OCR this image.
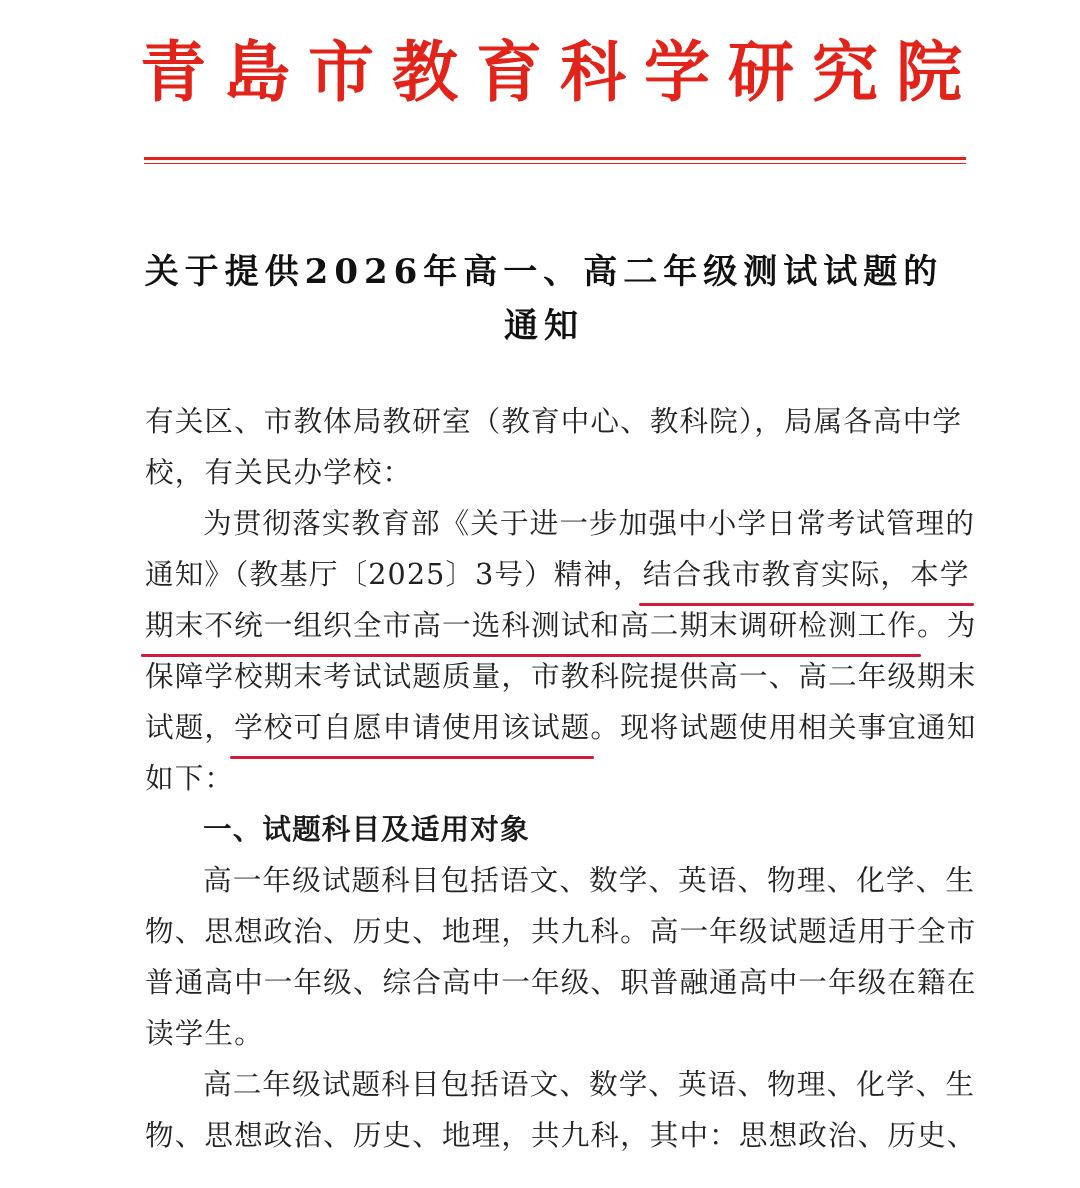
青島市教育科学研究院
关于提供2026年高一、高二年级测试试题的
通知
有关区、市教体局教研室（教育中心、教科院），局属各高中学
校，有关民办学校：
为贯彻落实教育部《关于进一步加强中小学日常考试管理的
通知》（教基厅〔2025〕3号）精神，结合我市教育实际，本学
期末不统一组织全市高一选科测试和高二期末调研检测工作。为
保障学校期末考试试题质量，市教科院提供高一、高二年级期末
试题，学校可自愿申请使用该试题。现将试题使用相关事宜通知
如下：
一、试题科目及适用对象
高一年级试题科目包括语文、数学、英语、物理、化学、生
物、思想政治、历史、地理，共九科。高一年级试题适用于全市
普通高中一年级、综合高中一年级、职普融通高中一年级在籍在
读学生。
高二年级试题科目包括语文、数学、英语、物理、化学、生
物、思想政治、历史、地理，共九科，其中：思想政治、历史、
